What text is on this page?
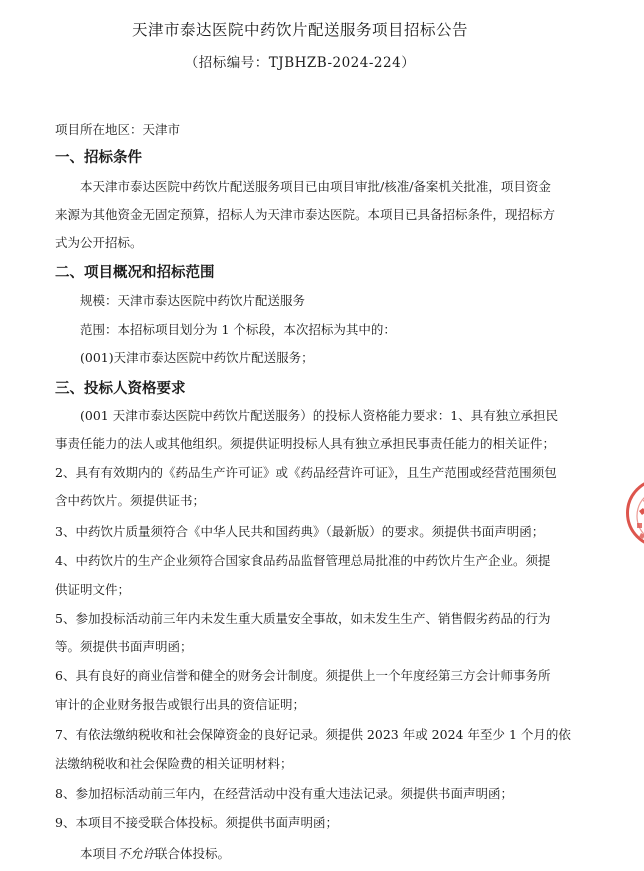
天津市泰达医院中药饮片配送服务项目招标公告
（招标编号：TJBHZB-2024-224）
项目所在地区：天津市
一、招标条件
本天津市泰达医院中药饮片配送服务项目已由项目审批/核准/备案机关批准，项目资金
来源为其他资金无固定预算，招标人为天津市泰达医院。本项目已具备招标条件，现招标方
式为公开招标。
二、项目概况和招标范围
规模：天津市泰达医院中药饮片配送服务
范围：本招标项目划分为 1 个标段，本次招标为其中的：
(001)天津市泰达医院中药饮片配送服务；
三、投标人资格要求
(001 天津市泰达医院中药饮片配送服务）的投标人资格能力要求：1、具有独立承担民
事责任能力的法人或其他组织。须提供证明投标人具有独立承担民事责任能力的相关证件；
2、具有有效期内的《药品生产许可证》或《药品经营许可证》，且生产范围或经营范围须包
含中药饮片。须提供证书；
3、中药饮片质量须符合《中华人民共和国药典》（最新版）的要求。须提供书面声明函；
4、中药饮片的生产企业须符合国家食品药品监督管理总局批准的中药饮片生产企业。须提
供证明文件；
5、参加投标活动前三年内未发生重大质量安全事故，如未发生生产、销售假劣药品的行为
等。须提供书面声明函；
6、具有良好的商业信誉和健全的财务会计制度。须提供上一个年度经第三方会计师事务所
审计的企业财务报告或银行出具的资信证明；
7、有依法缴纳税收和社会保障资金的良好记录。须提供 2023 年或 2024 年至少 1 个月的依
法缴纳税收和社会保险费的相关证明材料；
8、参加招标活动前三年内，在经营活动中没有重大违法记录。须提供书面声明函；
9、本项目不接受联合体投标。须提供书面声明函；
本项目不允许联合体投标。
